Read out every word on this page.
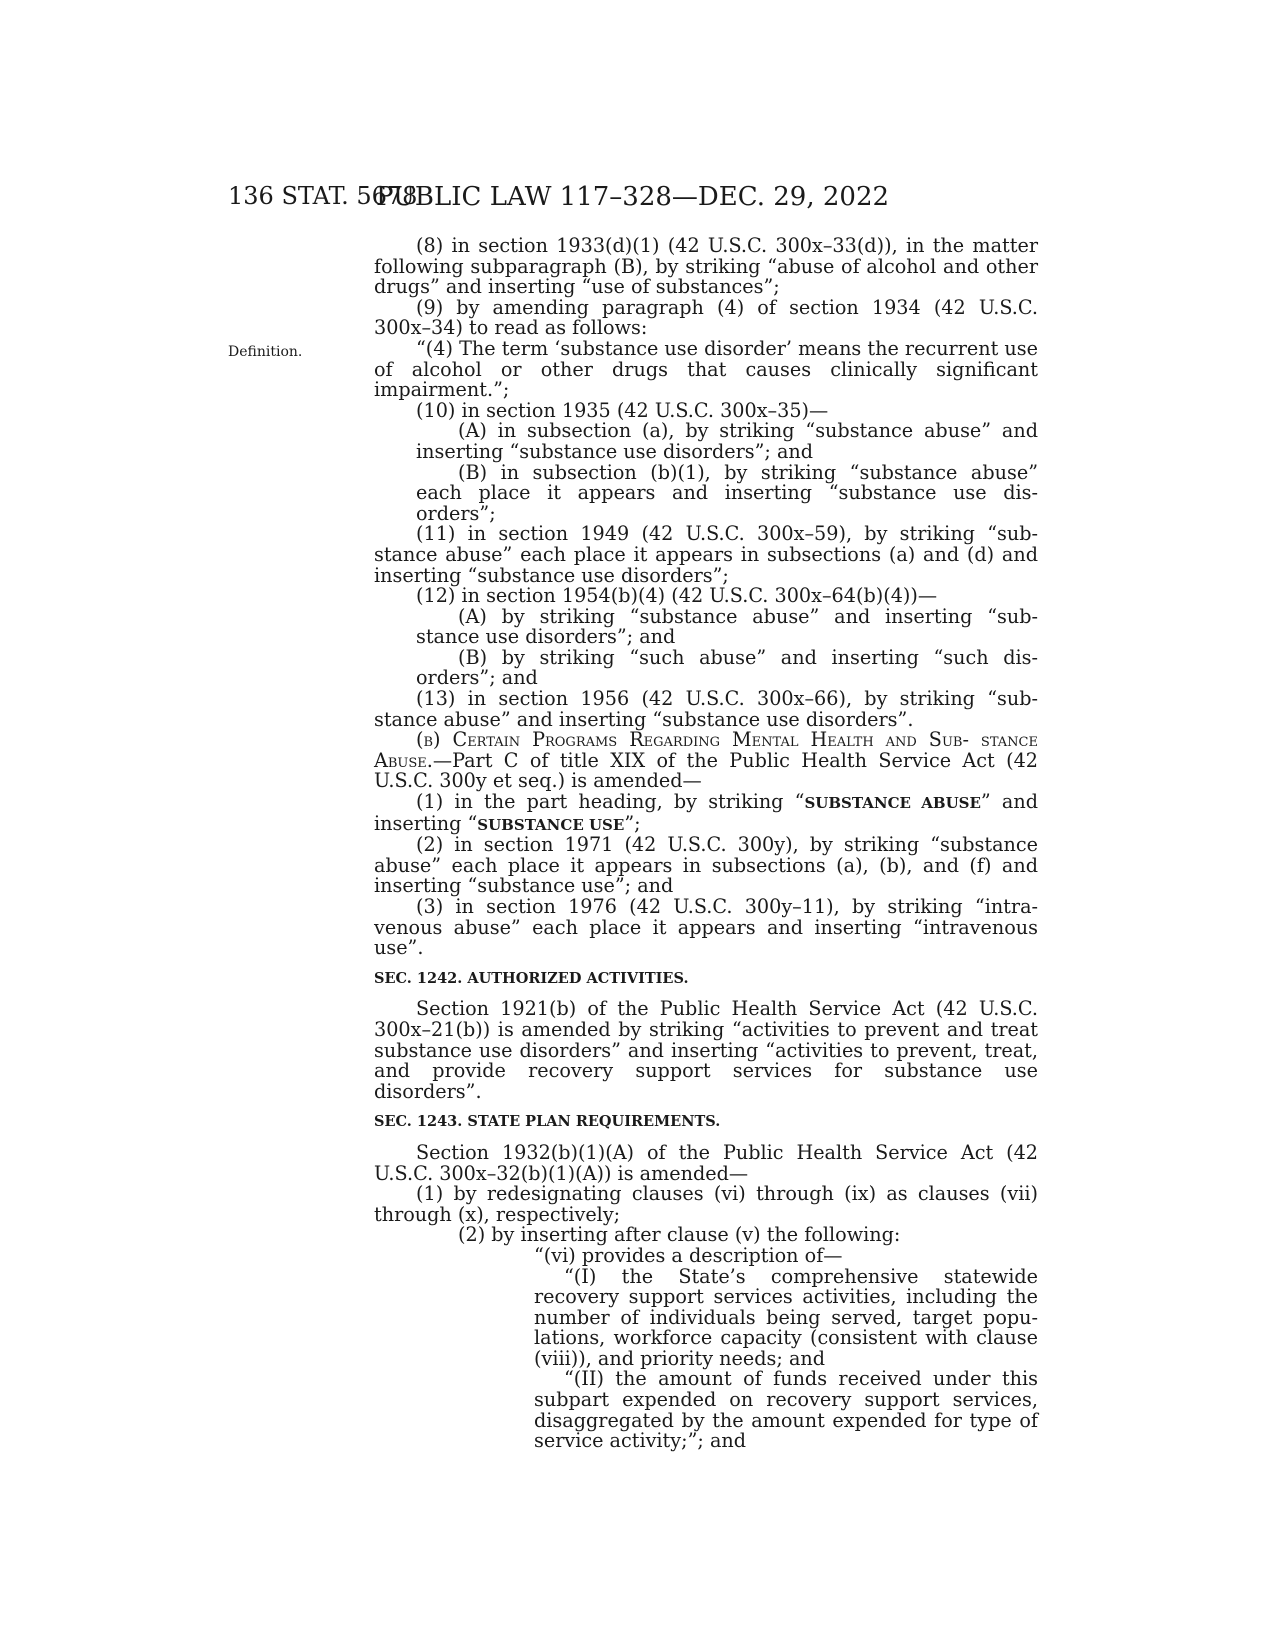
136 STAT. 5678
PUBLIC LAW 117–328—DEC. 29, 2022
Definition.

(8) in section 1933(d)(1) (42 U.S.C. 300x–33(d)), in the matter following subparagraph (B), by striking “abuse of alcohol and other drugs” and inserting “use of substances”;

(9) by amending paragraph (4) of section 1934 (42 U.S.C. 300x–34) to read as follows:

“(4) The term ‘substance use disorder’ means the recurrent use of alcohol or other drugs that causes clinically significant impairment.”;

(10) in section 1935 (42 U.S.C. 300x–35)—

(A) in subsection (a), by striking “substance abuse” and inserting “substance use disorders”; and

(B) in subsection (b)(1), by striking “substance abuse” each place it appears and inserting “substance use dis- orders”;

(11) in section 1949 (42 U.S.C. 300x–59), by striking “sub- stance abuse” each place it appears in subsections (a) and (d) and inserting “substance use disorders”;

(12) in section 1954(b)(4) (42 U.S.C. 300x–64(b)(4))—

(A) by striking “substance abuse” and inserting “sub- stance use disorders”; and

(B) by striking “such abuse” and inserting “such dis- orders”; and

(13) in section 1956 (42 U.S.C. 300x–66), by striking “sub- stance abuse” and inserting “substance use disorders”.

(b) Certain Programs Regarding Mental Health and Sub- stance Abuse.—Part C of title XIX of the Public Health Service Act (42 U.S.C. 300y et seq.) is amended—

(1) in the part heading, by striking “SUBSTANCE ABUSE” and inserting “SUBSTANCE USE”;

(2) in section 1971 (42 U.S.C. 300y), by striking “substance abuse” each place it appears in subsections (a), (b), and (f) and inserting “substance use”; and

(3) in section 1976 (42 U.S.C. 300y–11), by striking “intra- venous abuse” each place it appears and inserting “intravenous use”.

SEC. 1242. AUTHORIZED ACTIVITIES.

Section 1921(b) of the Public Health Service Act (42 U.S.C. 300x–21(b)) is amended by striking “activities to prevent and treat substance use disorders” and inserting “activities to prevent, treat, and provide recovery support services for substance use disorders”.

SEC. 1243. STATE PLAN REQUIREMENTS.

Section 1932(b)(1)(A) of the Public Health Service Act (42 U.S.C. 300x–32(b)(1)(A)) is amended—

(1) by redesignating clauses (vi) through (ix) as clauses (vii) through (x), respectively;

(2) by inserting after clause (v) the following:

“(vi) provides a description of—

“(I) the State’s comprehensive statewide recovery support services activities, including the number of individuals being served, target popu- lations, workforce capacity (consistent with clause (viii)), and priority needs; and

“(II) the amount of funds received under this subpart expended on recovery support services, disaggregated by the amount expended for type of service activity;”; and
